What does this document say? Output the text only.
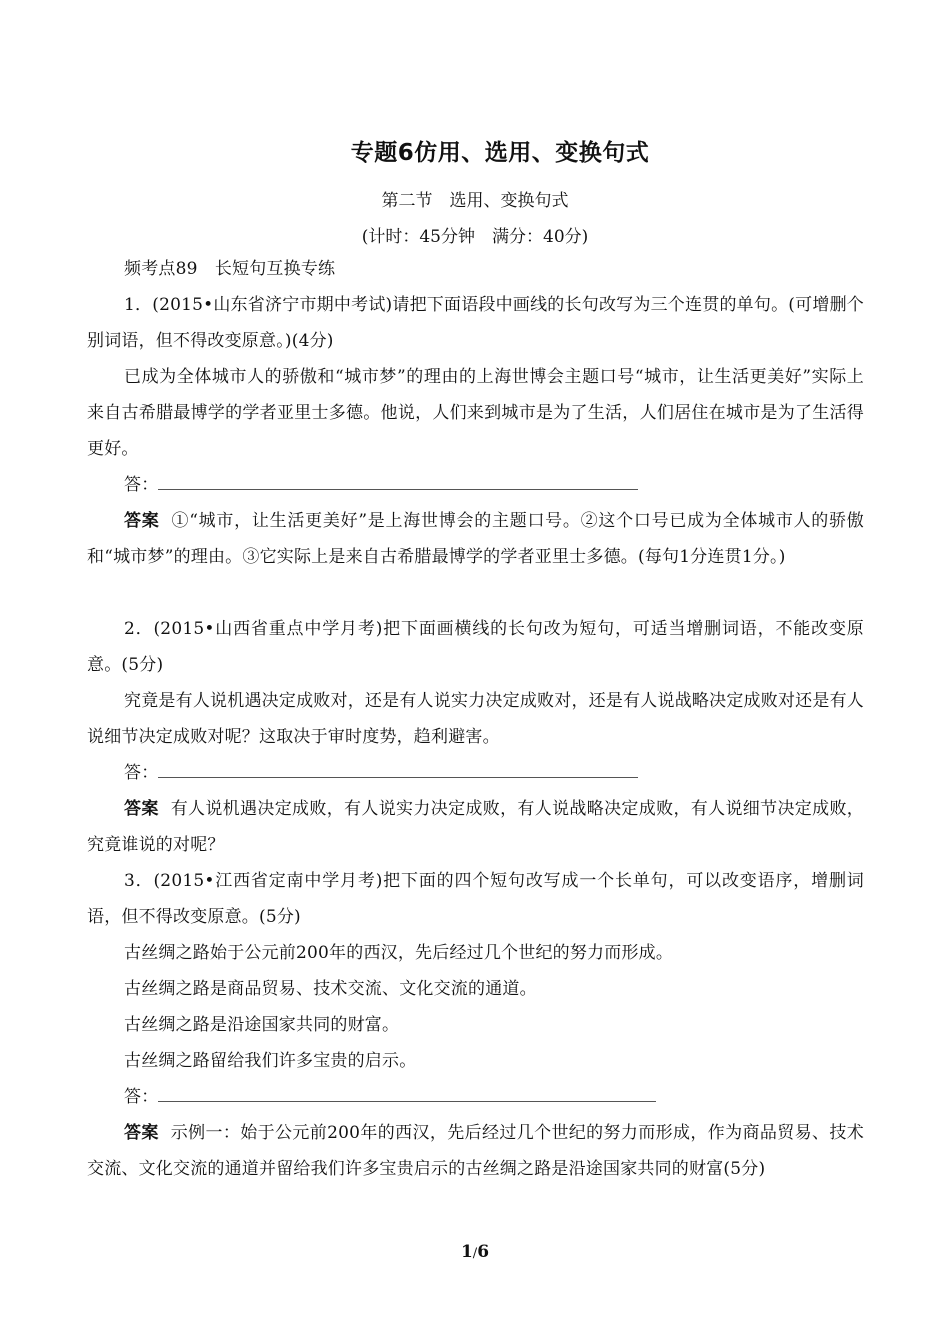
专题6仿用、选用、变换句式
第二节　选用、变换句式
(计时：45分钟　满分：40分)

频考点89　长短句互换专练

1．(2015•山东省济宁市期中考试)请把下面语段中画线的长句改写为三个连贯的单句。(可增删个别词语，但不得改变原意。)(4分)

已成为全体城市人的骄傲和“城市梦”的理由的上海世博会主题口号“城市，让生活更美好”实际上来自古希腊最博学的学者亚里士多德。他说，人们来到城市是为了生活，人们居住在城市是为了生活得更好。

答：

答案 ①“城市，让生活更美好”是上海世博会的主题口号。②这个口号已成为全体城市人的骄傲和“城市梦”的理由。③它实际上是来自古希腊最博学的学者亚里士多德。(每句1分连贯1分。)

2．(2015•山西省重点中学月考)把下面画横线的长句改为短句，可适当增删词语，不能改变原意。(5分)

究竟是有人说机遇决定成败对，还是有人说实力决定成败对，还是有人说战略决定成败对还是有人说细节决定成败对呢？这取决于审时度势，趋利避害。

答：

答案 有人说机遇决定成败，有人说实力决定成败，有人说战略决定成败，有人说细节决定成败，究竟谁说的对呢？

3．(2015•江西省定南中学月考)把下面的四个短句改写成一个长单句，可以改变语序，增删词语，但不得改变原意。(5分)

古丝绸之路始于公元前200年的西汉，先后经过几个世纪的努力而形成。

古丝绸之路是商品贸易、技术交流、文化交流的通道。

古丝绸之路是沿途国家共同的财富。

古丝绸之路留给我们许多宝贵的启示。

答：

答案 示例一：始于公元前200年的西汉，先后经过几个世纪的努力而形成，作为商品贸易、技术交流、文化交流的通道并留给我们许多宝贵启示的古丝绸之路是沿途国家共同的财富(5分)

1/6
